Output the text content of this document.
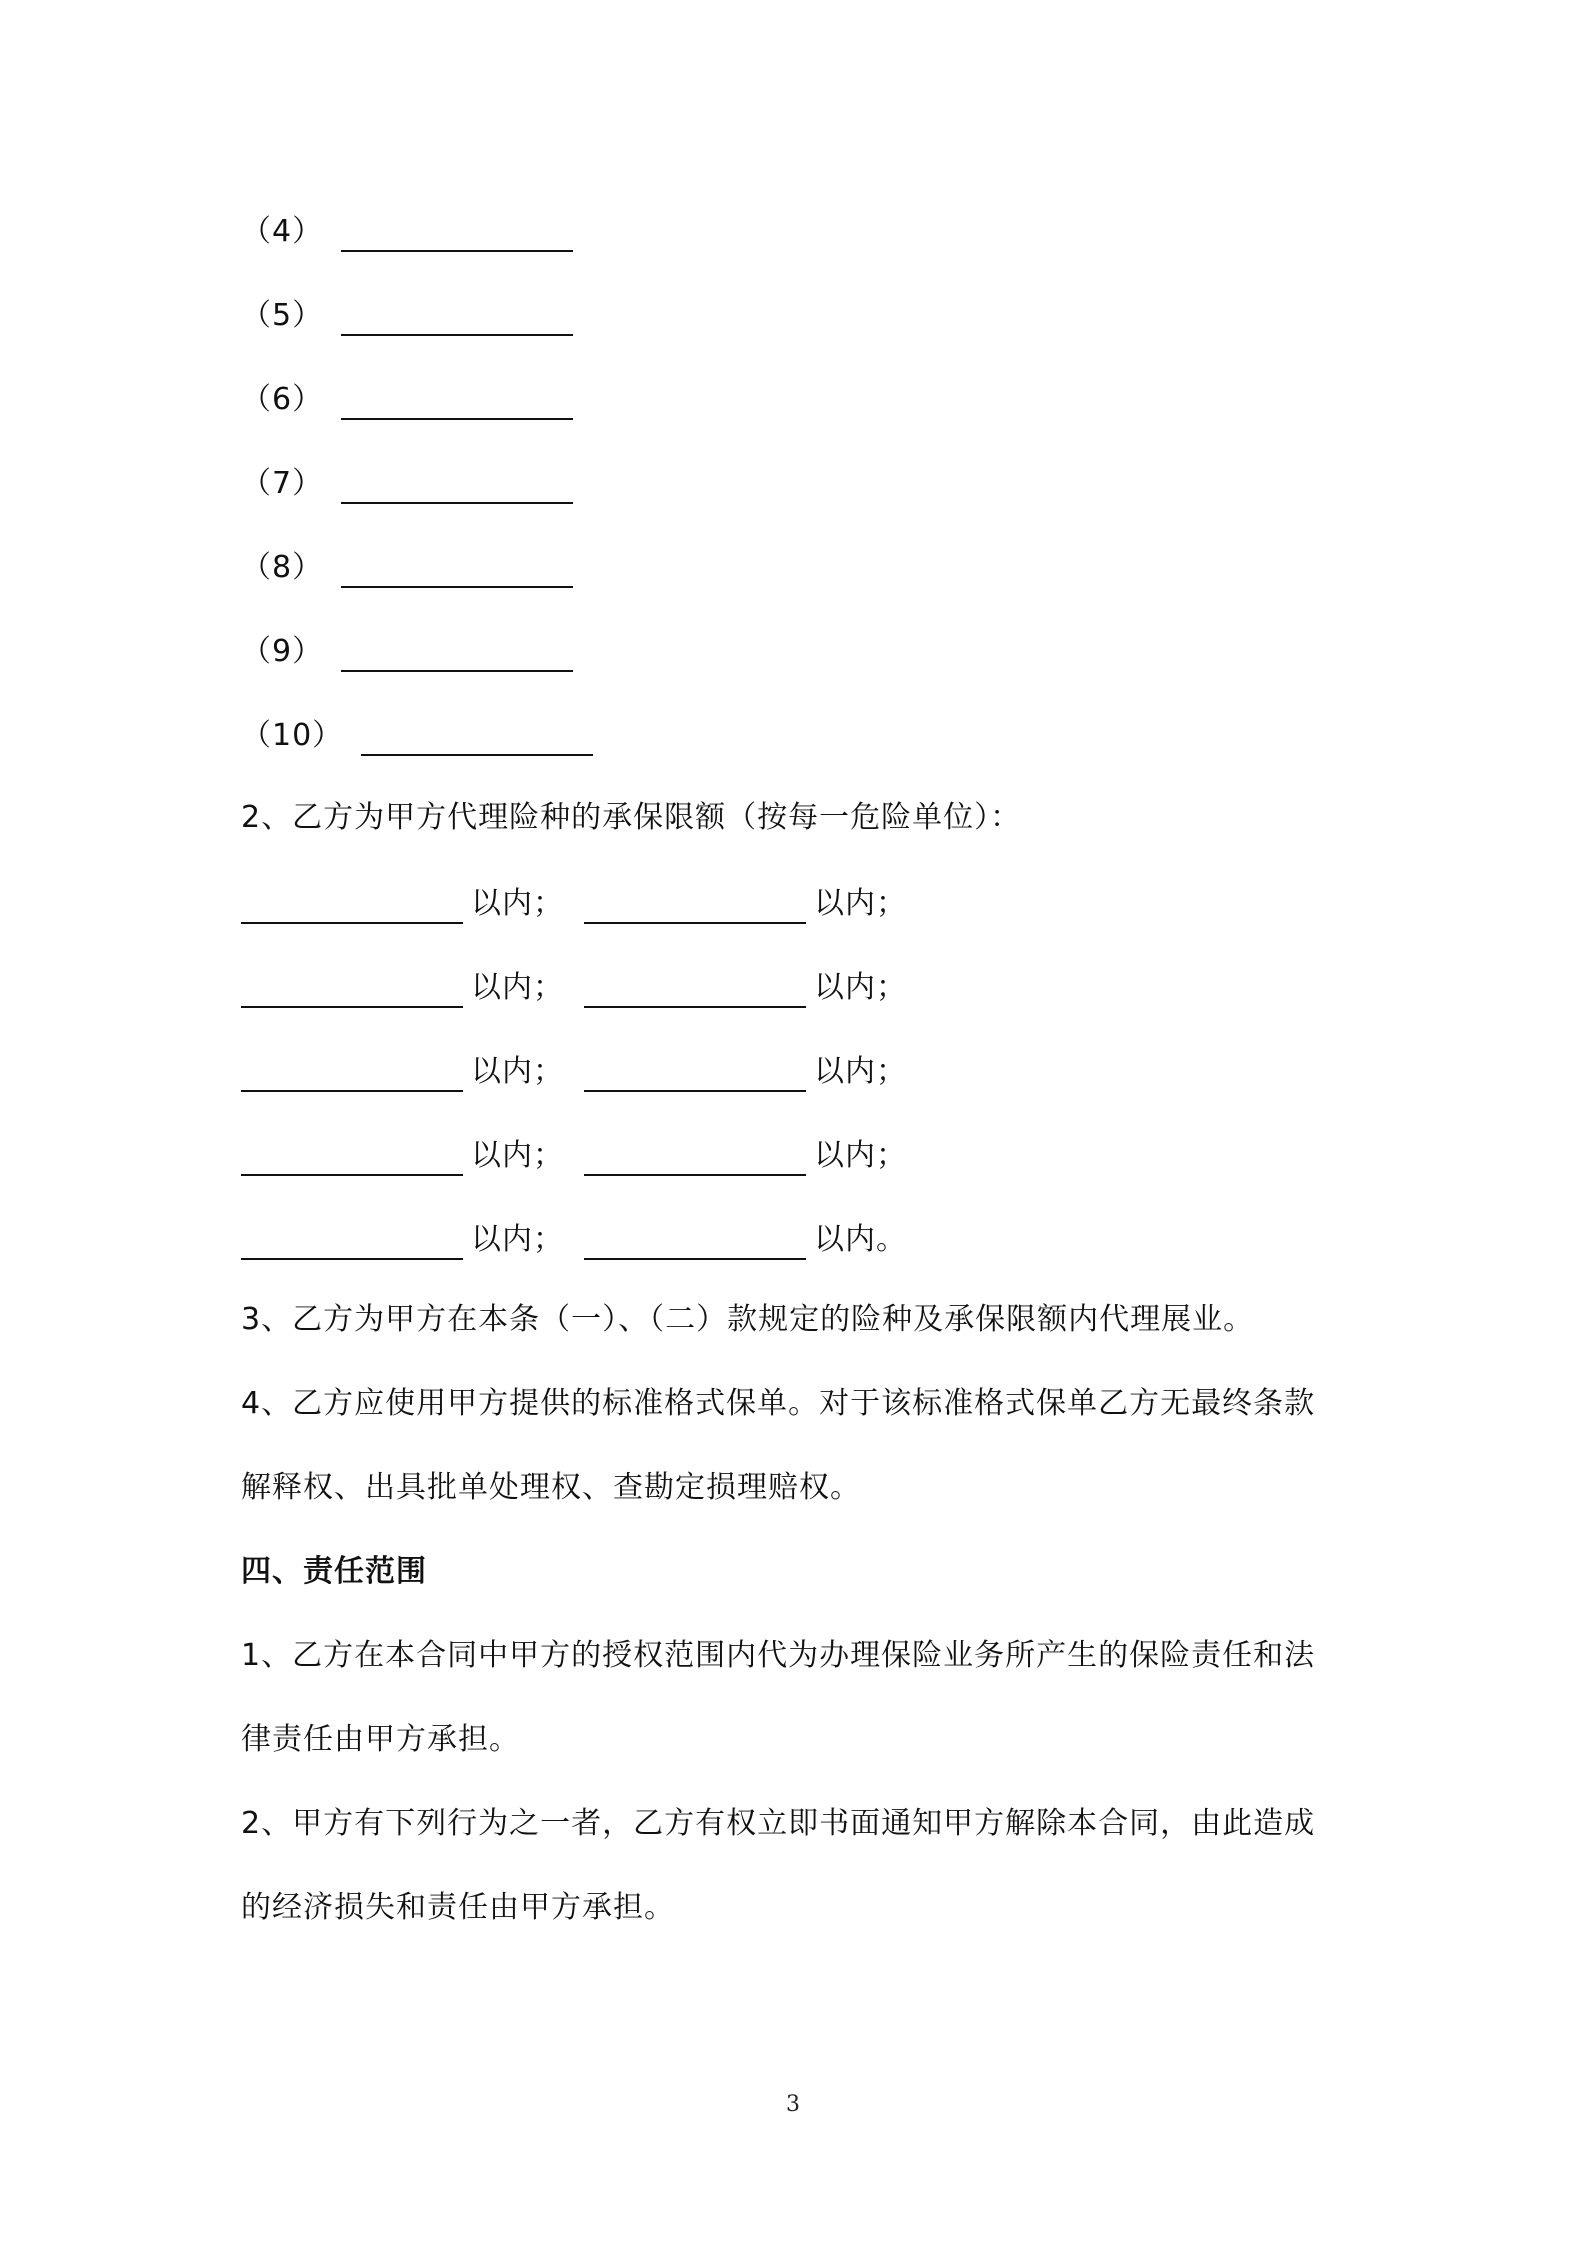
（4）
（5）
（6）
（7）
（8）
（9）
（10）
2、乙方为甲方代理险种的承保限额（按每一危险单位）：
以内；	以内；
以内；	以内；
以内；	以内；
以内；	以内；
以内；	以内。
3、乙方为甲方在本条（一）、（二）款规定的险种及承保限额内代理展业。
4、乙方应使用甲方提供的标准格式保单。对于该标准格式保单乙方无最终条款
解释权、出具批单处理权、查勘定损理赔权。
四、责任范围
1、乙方在本合同中甲方的授权范围内代为办理保险业务所产生的保险责任和法
律责任由甲方承担。
2、甲方有下列行为之一者，乙方有权立即书面通知甲方解除本合同，由此造成
的经济损失和责任由甲方承担。
3
